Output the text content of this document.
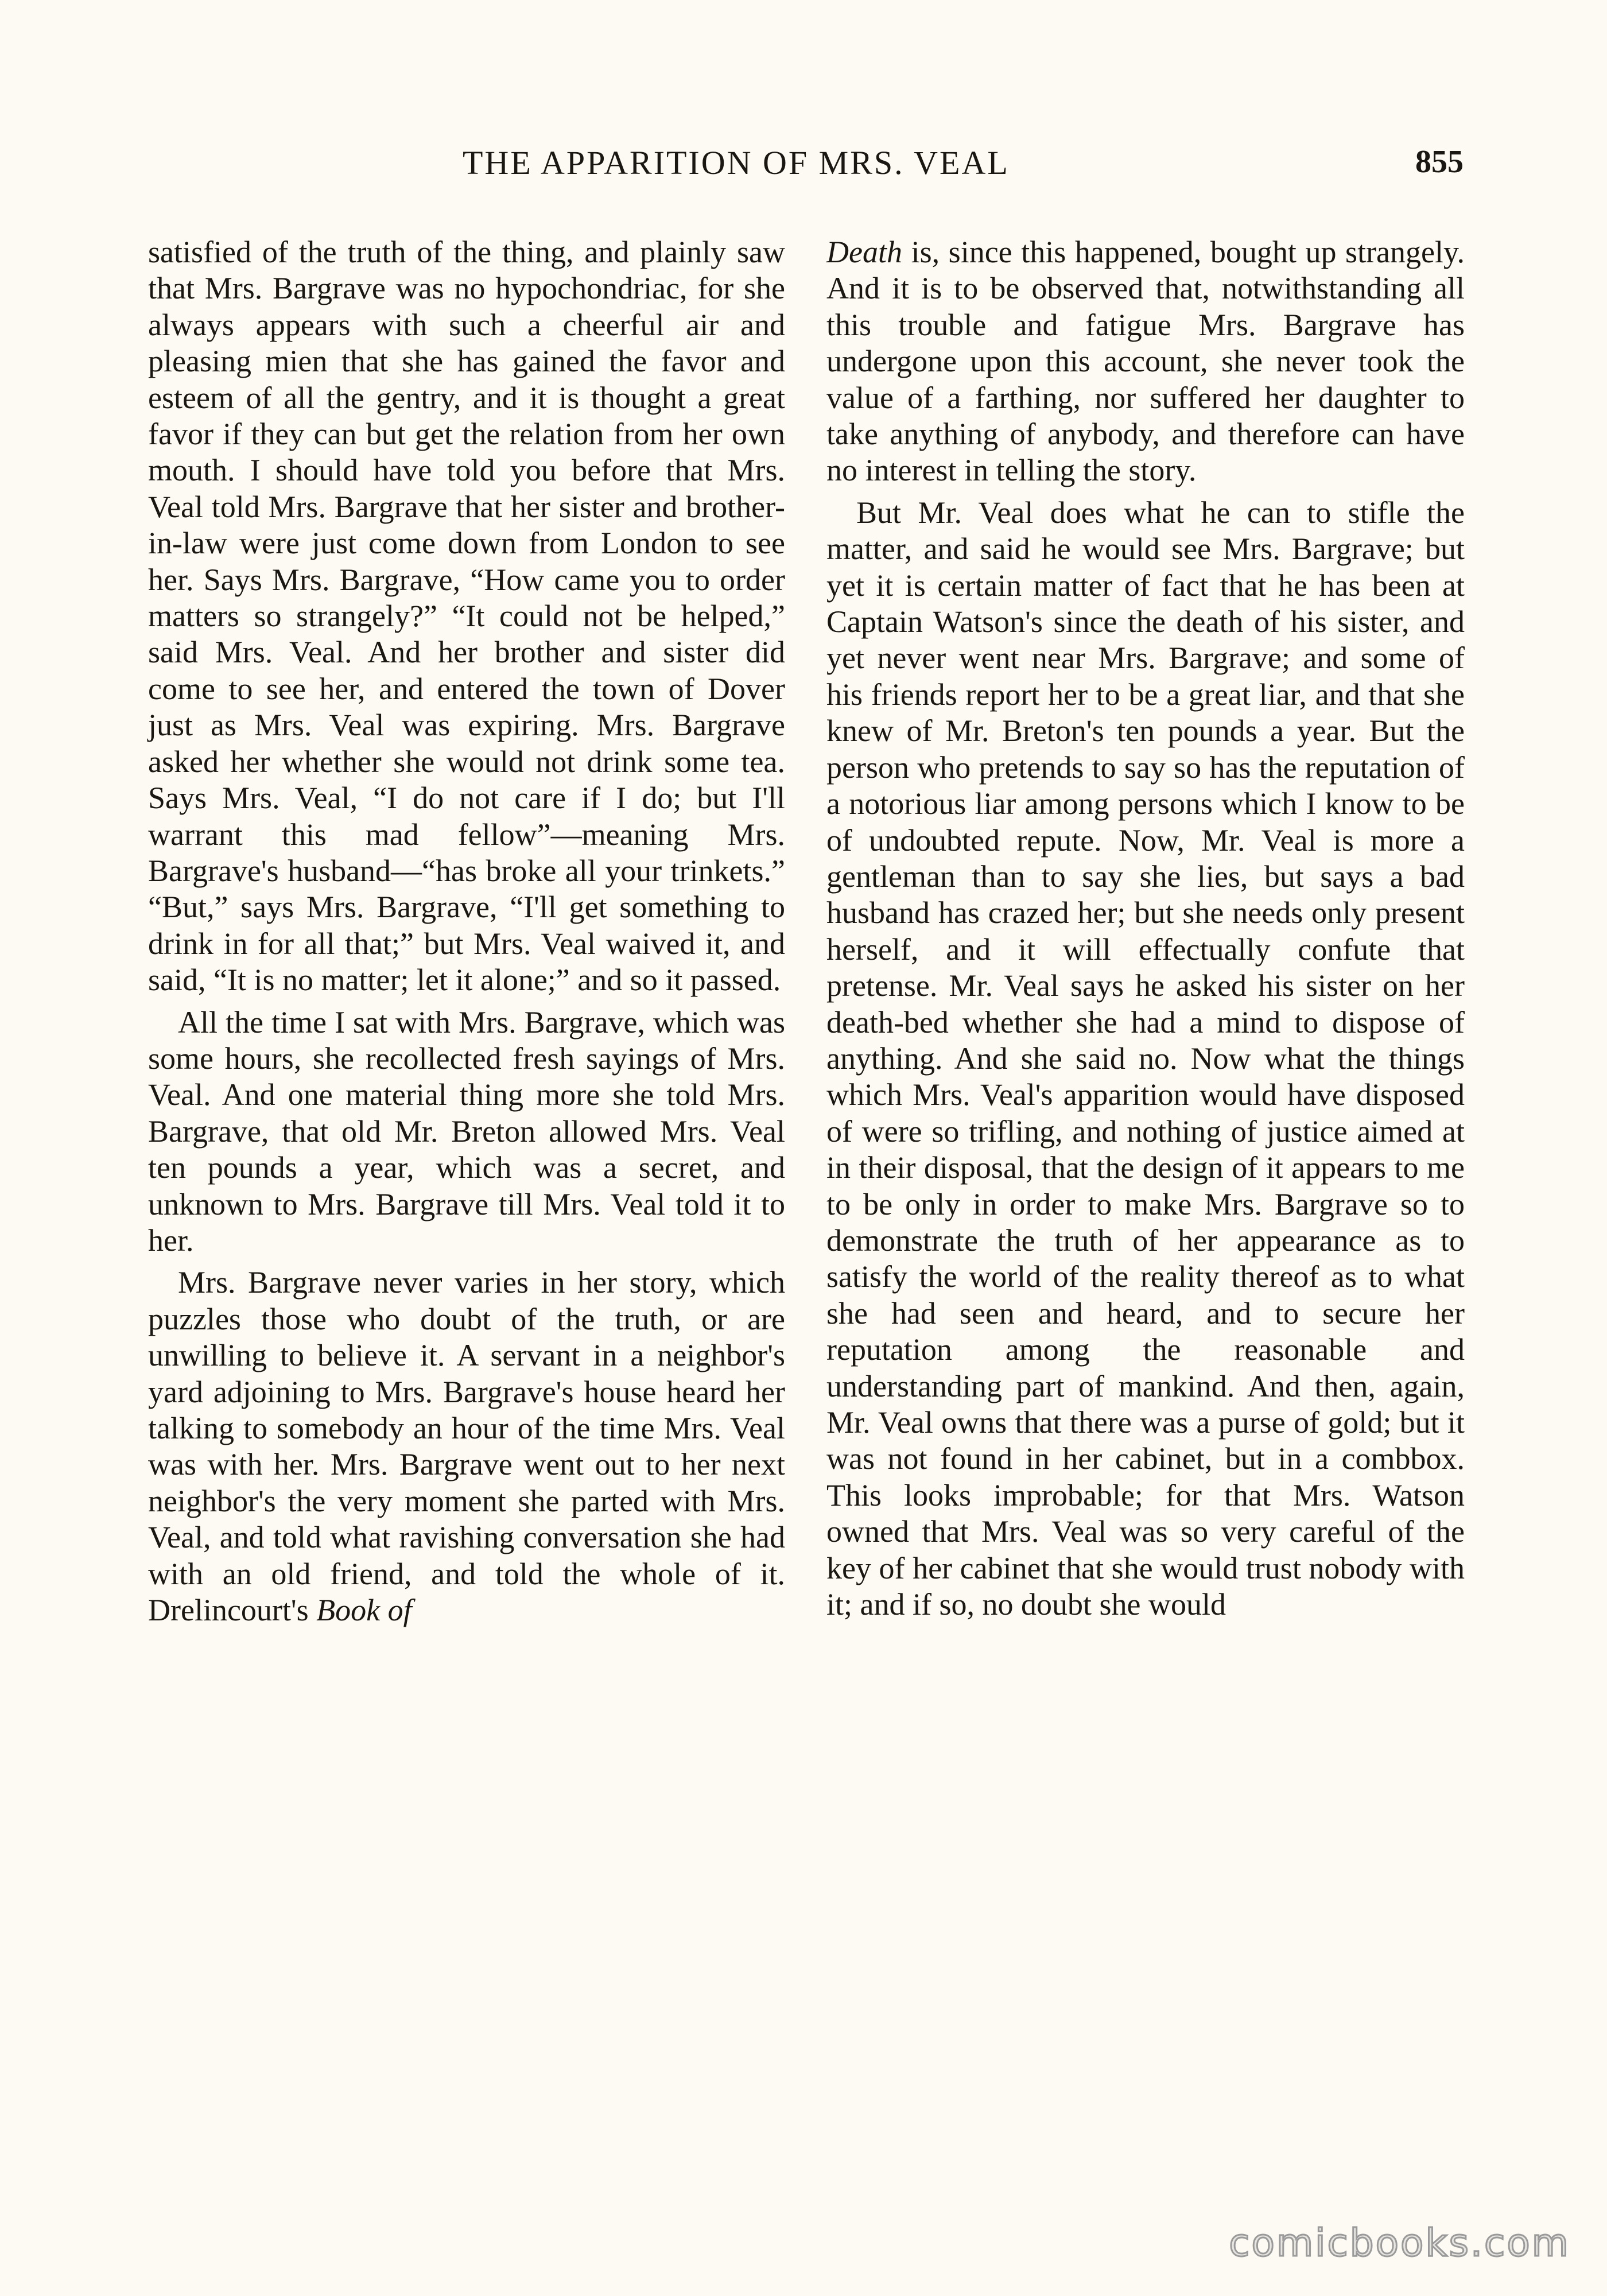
THE APPARITION OF MRS. VEAL	855

satisfied of the truth of the thing, and plainly saw that Mrs. Bargrave was no hypochondriac, for she always appears with such a cheerful air and pleasing mien that she has gained the favor and esteem of all the gentry, and it is thought a great favor if they can but get the relation from her own mouth. I should have told you before that Mrs. Veal told Mrs. Bargrave that her sister and brother-in-law were just come down from London to see her. Says Mrs. Bargrave, “How came you to order matters so strangely?” “It could not be helped,” said Mrs. Veal. And her brother and sister did come to see her, and entered the town of Dover just as Mrs. Veal was expiring. Mrs. Bargrave asked her whether she would not drink some tea. Says Mrs. Veal, “I do not care if I do; but I'll warrant this mad fellow”—meaning Mrs. Bargrave's husband—“has broke all your trinkets.” “But,” says Mrs. Bargrave, “I'll get something to drink in for all that;” but Mrs. Veal waived it, and said, “It is no matter; let it alone;” and so it passed.

All the time I sat with Mrs. Bargrave, which was some hours, she recollected fresh sayings of Mrs. Veal. And one material thing more she told Mrs. Bargrave, that old Mr. Breton allowed Mrs. Veal ten pounds a year, which was a secret, and unknown to Mrs. Bargrave till Mrs. Veal told it to her.

Mrs. Bargrave never varies in her story, which puzzles those who doubt of the truth, or are unwilling to believe it. A servant in a neighbor's yard adjoining to Mrs. Bargrave's house heard her talking to somebody an hour of the time Mrs. Veal was with her. Mrs. Bargrave went out to her next neighbor's the very moment she parted with Mrs. Veal, and told what ravishing conversation she had with an old friend, and told the whole of it. Drelincourt's Book of

Death is, since this happened, bought up strangely. And it is to be observed that, notwithstanding all this trouble and fatigue Mrs. Bargrave has undergone upon this account, she never took the value of a farthing, nor suffered her daughter to take anything of anybody, and therefore can have no interest in telling the story.

But Mr. Veal does what he can to stifle the matter, and said he would see Mrs. Bargrave; but yet it is certain matter of fact that he has been at Captain Watson's since the death of his sister, and yet never went near Mrs. Bargrave; and some of his friends report her to be a great liar, and that she knew of Mr. Breton's ten pounds a year. But the person who pretends to say so has the reputation of a notorious liar among persons which I know to be of undoubted repute. Now, Mr. Veal is more a gentleman than to say she lies, but says a bad husband has crazed her; but she needs only present herself, and it will effectually confute that pretense. Mr. Veal says he asked his sister on her death-bed whether she had a mind to dispose of anything. And she said no. Now what the things which Mrs. Veal's apparition would have disposed of were so trifling, and nothing of justice aimed at in their disposal, that the design of it appears to me to be only in order to make Mrs. Bargrave so to demonstrate the truth of her appearance as to satisfy the world of the reality thereof as to what she had seen and heard, and to secure her reputation among the reasonable and understanding part of mankind. And then, again, Mr. Veal owns that there was a purse of gold; but it was not found in her cabinet, but in a combbox. This looks improbable; for that Mrs. Watson owned that Mrs. Veal was so very careful of the key of her cabinet that she would trust nobody with it; and if so, no doubt she would

comicbooks.com
